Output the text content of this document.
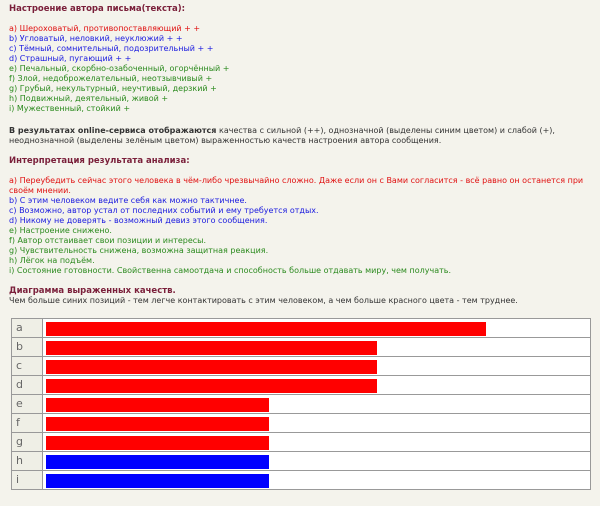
Настроение автора письма(текста):
a) Шероховатый, противопоставляющий + +
b) Угловатый, неловкий, неуклюжий + +
c) Тёмный, сомнительный, подозрительный + +
d) Страшный, пугающий + +
e) Печальный, скорбно-озабоченный, огорчённый +
f) Злой, недоброжелательный, неотзывчивый +
g) Грубый, некультурный, неучтивый, дерзкий +
h) Подвижный, деятельный, живой +
i) Мужественный, стойкий +
В результатах online-сервиса отображаются качества с сильной (++), однозначной (выделены синим цветом) и слабой (+), неоднозначной (выделены зелёным цветом) выраженностью качеств настроения автора сообщения.
Интерпретация результата анализа:
a) Переубедить сейчас этого человека в чём-либо чрезвычайно сложно. Даже если он с Вами согласится - всё равно он останется при своём мнении.
b) С этим человеком ведите себя как можно тактичнее.
c) Возможно, автор устал от последних событий и ему требуется отдых.
d) Никому не доверять - возможный девиз этого сообщения.
e) Настроение снижено.
f) Автор отстаивает свои позиции и интересы.
g) Чувствительность снижена, возможна защитная реакция.
h) Лёгок на подъём.
i) Состояние готовности. Свойственна самоотдача и способность больше отдавать миру, чем получать.
Диаграмма выраженных качеств.
Чем больше синих позиций - тем легче контактировать с этим человеком, а чем больше красного цвета - тем труднее.
a	

b	

c	

d	

e	

f	

g	

h	

i	
